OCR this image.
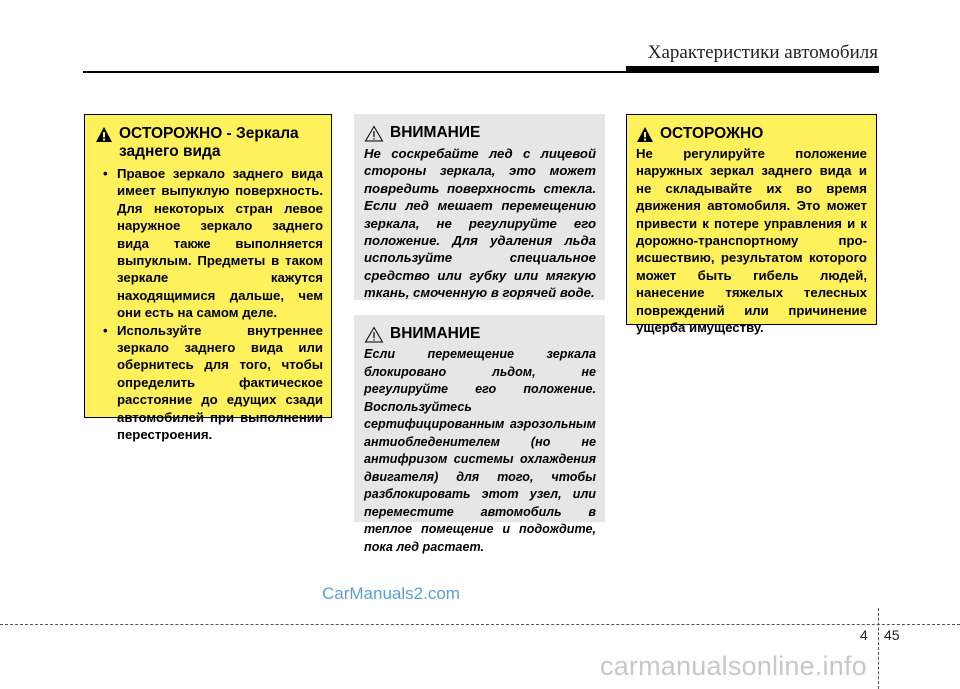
Характеристики автомобиля
ОСТОРОЖНО - Зеркала
заднего вида
• Правое зеркало заднего вида имеет выпуклую поверхность. Для некоторых стран левое наружное зеркало заднего вида также выполняется выпуклым. Предметы в таком зеркале кажутся находящимися дальше, чем они есть на самом деле.
• Используйте внутреннее зеркало заднего вида или обернитесь для того, чтобы определить фактическое расстояние до едущих сзади автомобилей при выполнении перестроения.
ВНИМАНИЕ
Не соскребайте лед с лицевой стороны зеркала, это может повредить поверхность стекла. Если лед мешает перемещению зеркала, не регулируйте его положение. Для удаления льда используйте специальное средство или губку или мягкую ткань, смоченную в горячей воде.
ВНИМАНИЕ
Если перемещение зеркала блокировано льдом, не регулируйте его положение. Воспользуйтесь сертифицированным аэрозольным антиобледенителем (но не антифризом системы охлаждения двигателя) для того, чтобы разблокировать этот узел, или переместите автомобиль в теплое помещение и подождите, пока лед растает.
ОСТОРОЖНО
Не регулируйте положение наружных зеркал заднего вида и не складывайте их во время движения автомобиля. Это может привести к потере управления и к дорожно-транспортному про- исшествию, результатом которого может быть гибель людей, нанесение тяжелых телесных повреждений или причинение ущерба имуществу.
CarManuals2.com
4 45
carmanualsonline.info
